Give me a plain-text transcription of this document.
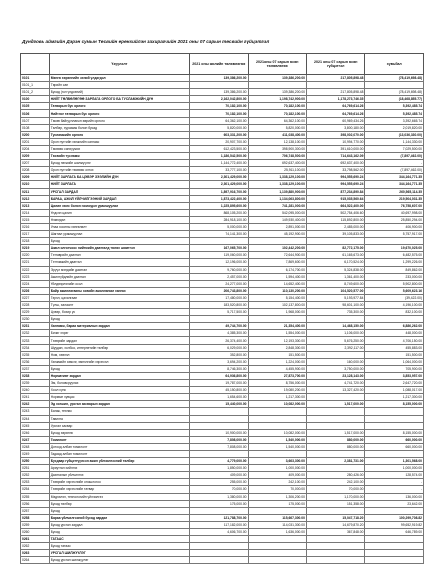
Дундговь аймгийн Дэрэн сумын Төсвийн ерөнхийлэн захирагчийн 2021 оны 07 сарын төсвийн гүйцэтгэл
	Үзүүлэлт	2021 оны жилийн төлөвлөгөө	2021оны 07 сарын өсөн төлөвлөгөө	2021 оны 07 сарын өсөн гүйцэтгэл	хувьбал
0101	Мөнгө хөрөнгийн эхний үлдэгдэл	139,386,200.00	139,386,200.00	217,805,898.48	(78,419,698.48)
0101_1	Төрийн сан				
0101_2	Бусад (гол үндсэний)	139,386,200.00	139,386,200.00	217,805,898.48	(78,419,698.48)
0100	НИЙТ ТӨЛВӨЛӨГӨӨ ЗАРЛАГА ОРЛОГО БА ТУСЛАМЖИЙН ДҮН	2,162,042,800.00	1,198,742,900.00	1,178,273,746.35	(18,468,855.77)
0105	Татварын бус орлого	70,182,100.00	70,182,100.00	64,769,614.26	5,392,485.74
0106	Нийтлэг татварын бус орлого	70,182,100.00	70,182,100.00	64,769,614.26	5,392,485.74
0107	Төсөв байгууллагын өөрийн орлого	64,362,100.00	64,362,100.00	60,969,434.26	3,392,665.74
0108	Төлбөр, хураамж болон бусад	5,820,000.00	5,820,000.00	3,800,180.00	2,019,820.00
0200	Тусламжийн орлого	603,331,200.00	411,038,400.00	398,002,070.00	(13,036,330.00)
0201	Орон нутгийн хөгжлийн сангаас	20,907,700.00	12,138,100.00	10,994,770.00	1,144,330.00
0204	Төсвөөс санхүүжих	612,423,500.00	398,900,300.00	391,610,000.00	7,029,500.00
0209	Төсвийн тусламж	1,186,542,500.00	706,748,500.00	714,643,162.09	(7,897,462.00)
0207	Бусад нэгжийн шилжүүлэг	1,144,772,400.00	692,637,400.00	692,637,400.00	-
0208	Орон нутгийн төсвөөс олгох	33,777,100.00	25,911,100.00	33,798,562.00	(7,897,462.00)
0209	НИЙТ ЗАРЛАГА БА ЦЭВЭР ЗЭЭЛИЙН ДҮН	2,301,429,000.00	1,338,129,100.00	994,555,690.24	344,164,771.35
0210	НИЙТ ЗАРЛАГА	2,301,429,000.00	1,338,129,100.00	994,555,690.24	344,164,771.35
0211	УРСГАЛ ЗАРДАЛ	1,897,916,700.00	1,139,880,900.00	877,234,890.84	260,565,114.35
0212	БАРАА, АЖИЛ ҮЙЛЧИЛГЭЭНИЙ ЗАРДАЛ	1,873,422,400.00	1,134,063,800.00	915,035,560.64	219,504,031.35
0213	Цалин хөлс болон нэмэгдэл урамшуулал	1,225,895,600.00	741,281,000.00	664,522,400.00	76,758,607.00
0214	Үндсэн цалин	868,105,200.00	542,095,000.00	502,754,406.60	40,697,998.00
0215	Нэмэгдэл	284,918,100.00	149,930,400.00	115,892,800.00	25,850,294.00
0216	Унаа хоолны хөнгөлөлт	5,000,000.00	2,891,000.00	2,485,000.00	406,900.00
0217	Шагнал урамшуулал	74,141,300.00	45,192,900.00	39,105,833.00	5,757,917.00
0218	Бусад				
0219	Ажил олгогчоос нийгмийн даатгалд төлөх шимтгэл	167,065,700.00	102,442,200.00	82,772,175.00	19,670,025.00
0220	Тэтгаврийн даатгал	119,060,000.00	72,644,900.00	61,165,673.00	6,482,575.00
0221	Тэтгэмжийн даатгал	12,196,000.00	7,869,600.00	6,170,524.00	1,299,226.00
0222	Эрүүл мэндийн даатгал	9,760,000.00	6,174,700.00	5,324,838.00	849,862.00
0223	Ажилгүйдлийн даатгал	2,457,000.00	1,594,400.00	1,361,400.00	233,000.00
0224	Үйлдвэрлэлийн осол	24,277,000.00	14,652,400.00	8,749,600.00	5,902,800.00
0226	Байр ажиллагааны хэвийн ажиллагааг хангах	206,743,800.00	110,130,200.00	104,520,577.00	5,609,623.16
0227	Гэрэл, цахилгаан	17,480,000.00	5,154,400.00	5,193,977.84	(39,422.00)
0228	Түлш, халаалт	183,520,800.00	102,137,800.00	98,601,100.00	4,196,100.00
0229	Цэвэр, бохир ус	5,717,500.00	1,968,000.00	735,300.00	832,100.00
0230	Бусад				
0231	Хангамж, бараа материалын зардал	49,744,700.00	21,354,400.00	14,468,150.00	6,886,262.00
0232	Бичиг хэрэг	4,385,300.00	1,554,000.00	1,106,000.00	448,000.00
0233	Тээврийн зардал	26,374,400.00	12,193,300.00	5,676,250.00	4,706,150.00
0234	Шуудан, холбоо, интернетийн төлбөр	6,029,000.00	2,848,300.00	2,392,117.00	455,883.00
0235	Ном, хэвлэл	352,800.00	151,500.00		151,500.00
0236	Хөгжмийн зэмсэг, эмнэлгийн хэрэгсэл	3,694,200.00	1,224,000.00	160,000.00	1,064,000.00
0237	Бусад	8,746,300.00	4,455,900.00	3,750,000.00	705,900.00
0238	Нормативт зардал	64,936,800.00	27,873,700.00	23,128,143.00	3,853,957.00
0239	Эм, боловсруулах	19,787,000.00	8,756,000.00	4,741,720.00	2,647,720.00
0240	Хоол хүнс	45,150,800.00	19,080,200.00	13,327,420.00	1,088,017.00
0241	Нормын хувцас	1,654,600.00	1,217,300.00		1,217,300.00
0242	Эд хогшил, урсгал засварын зардал	15,440,000.00	10,082,000.00	1,517,000.00	8,155,000.00
0243	Багаж, техник				
0244	Тавилга				
0245	Урсгал засвар				
0246	Бусад хөрөнгө	10,900,000.00	10,082,000.00	1,517,000.00	8,155,000.00
0247	Томилолт	7,808,000.00	1,540,000.00	880,000.00	660,000.00
0248	Дотоод албан томилолт	7,808,000.00	1,540,000.00	880,000.00	660,000.00
0249	Гадаад албан томилолт				
0250	Бусдаар гүйцэтгүүлсэн ажил үйлчилгээний төлбөр	4,779,000.00	3,663,300.00	2,381,731.00	1,301,568.00
0251	Ариутгал хийлгэх	1,850,000.00	1,000,000.00		1,000,000.00
0252	Даатгалын үйлчилгээ	409,000.00	409,000.00	280,426.00	128,574.00
0253	Тээврийн хэрэгслийн оношлогоо	255,000.00	242,100.00	242,100.00	-
0254	Тээврийн хэрэгслийн татвар	70,000.00	70,000.00	70,000.00	-
0255	Мэдээлэл, технологийн үйлчилгээ	1,380,000.00	1,306,200.00	1,170,000.00	136,000.00
0256	Бусад төлбөр	175,000.00	175,000.00	151,358.00	23,642.00
0257	Бусад				
0258	Бараа үйлчилгээний бусад зардал	121,788,700.00	115,667,300.00	15,047,718.20	100,299,708.82
0259	Бусад урсгал зардал	117,182,000.00	114,031,300.00	14,679,870.20	99,652,919.82
0260	Бусад	4,606,700.00	1,636,000.00	367,848.00	646,789.00
0261	ТАТААС				
0262	Бусад татаас				
0263	УРСГАЛ ШИЛЖҮҮЛЭГ				
0264	Бусад урсгал шилжүүлэг				
